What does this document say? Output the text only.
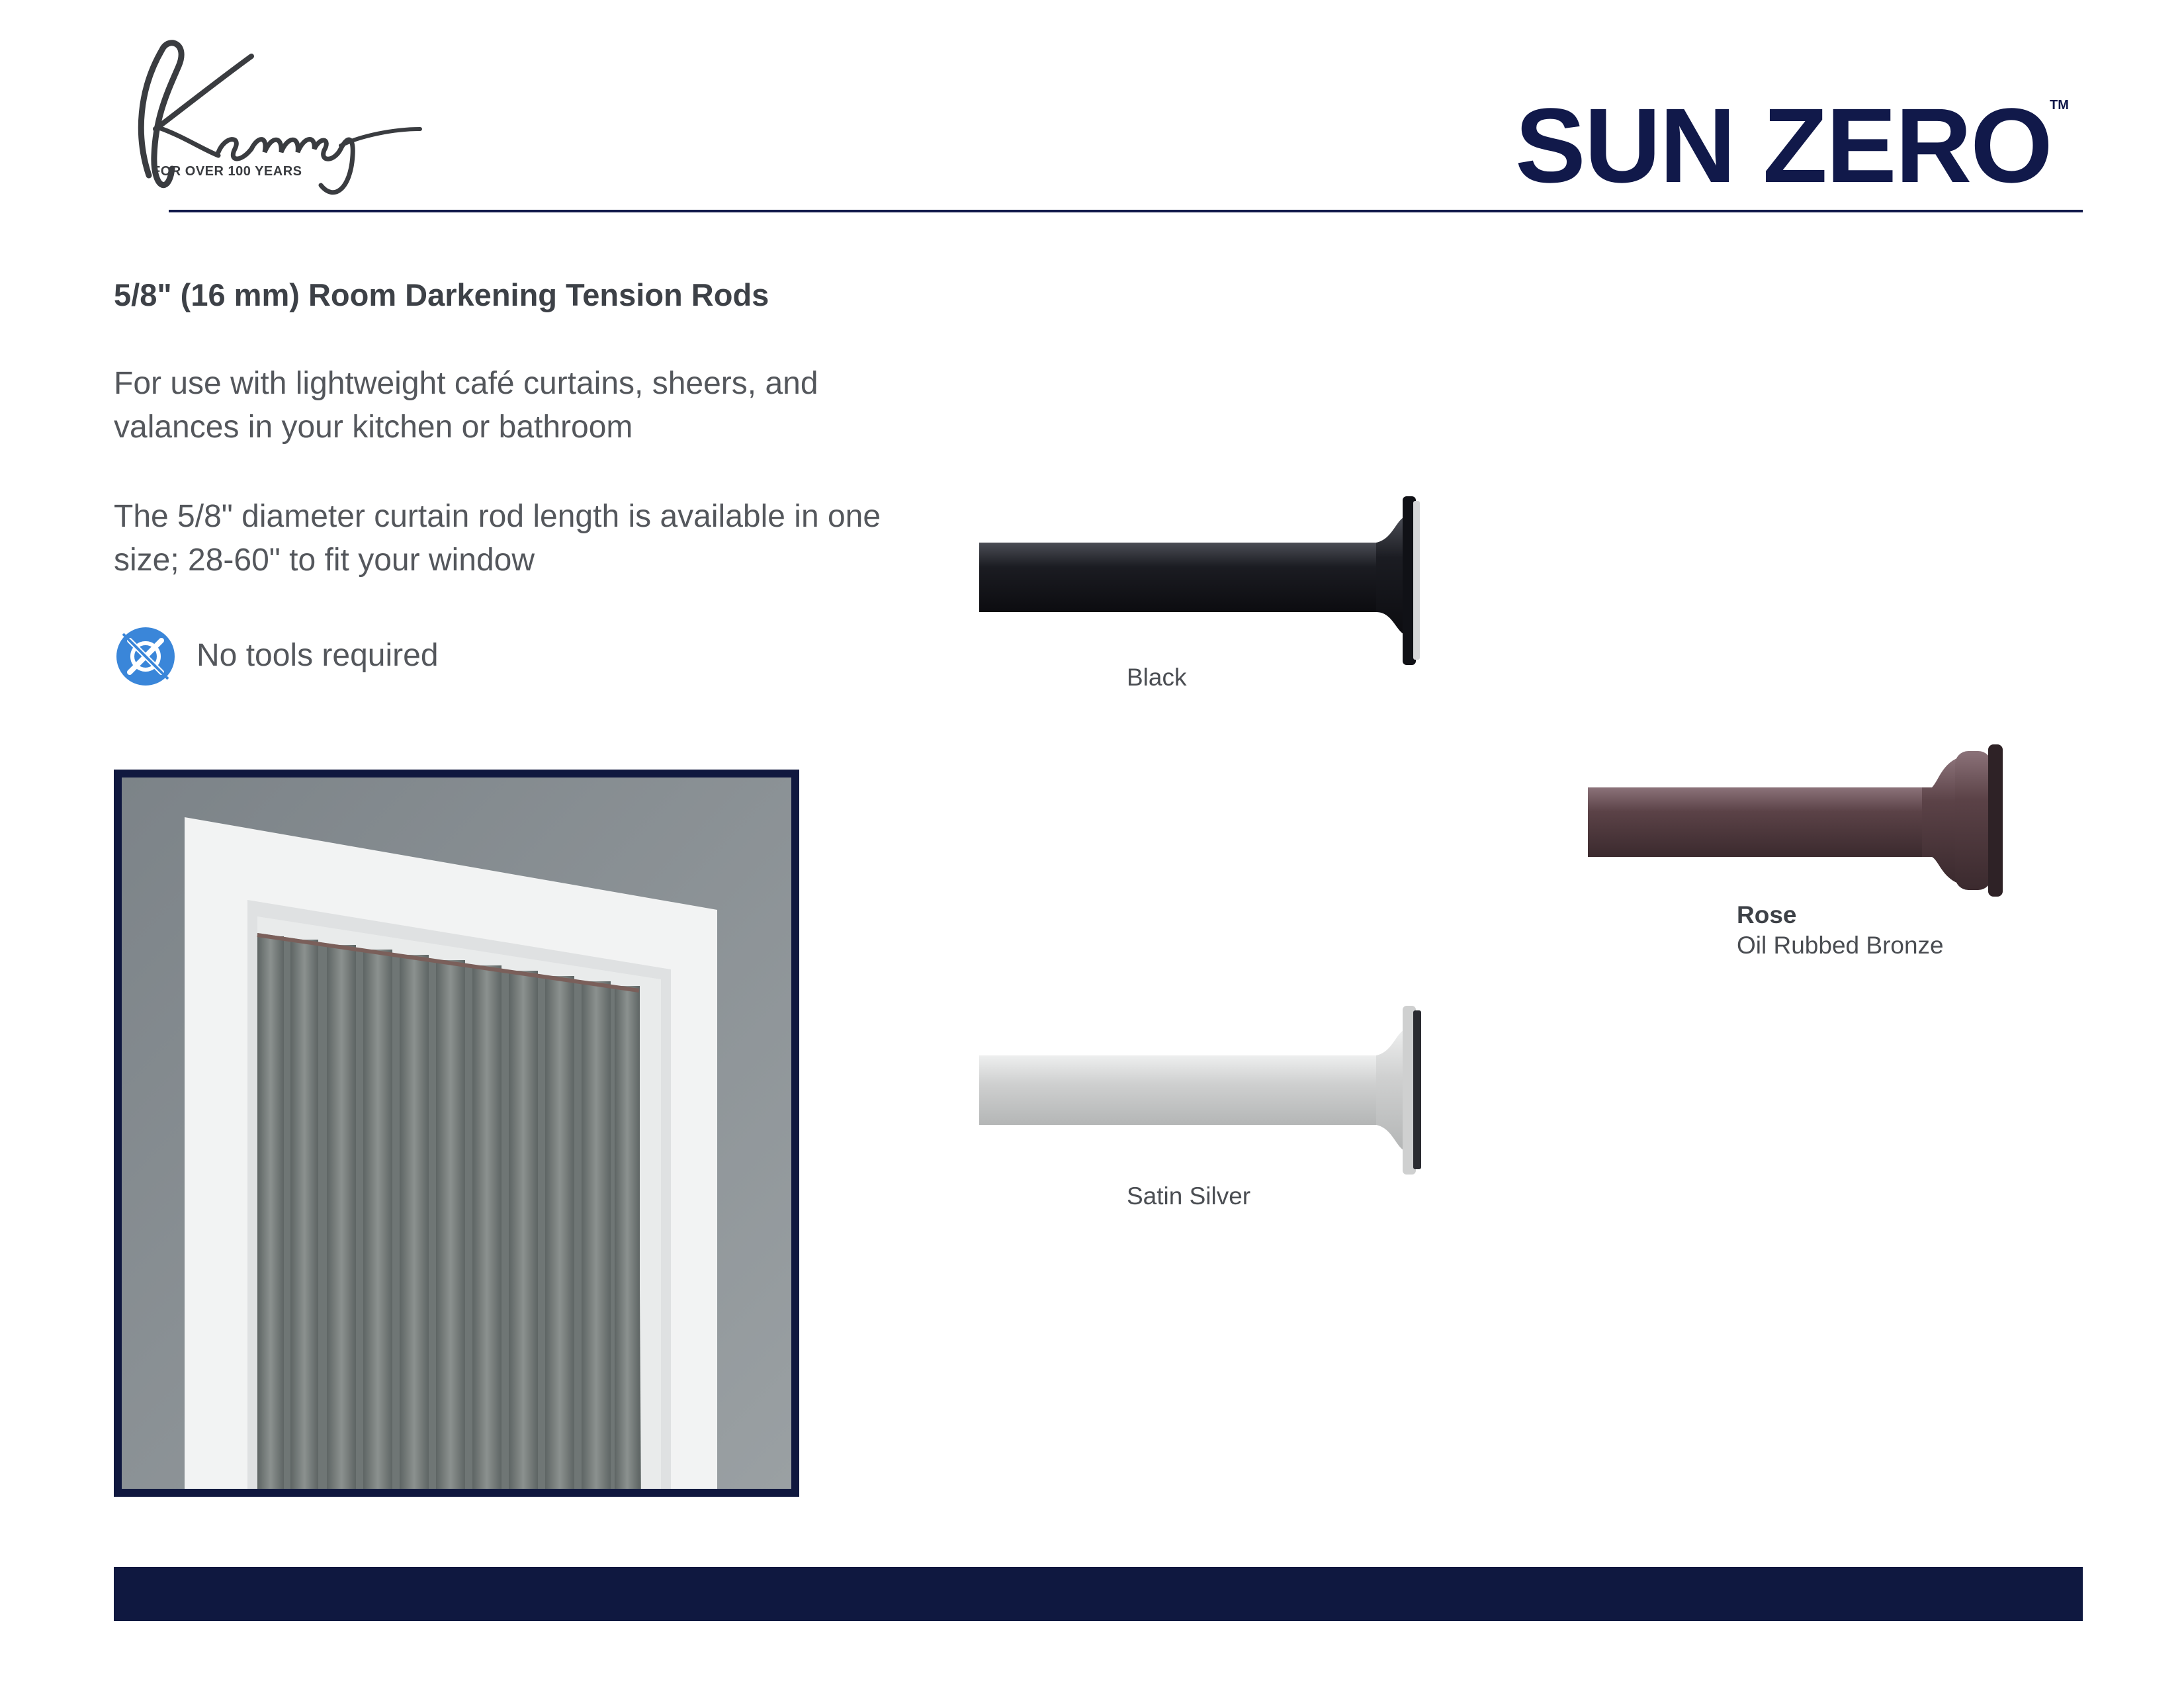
FOR OVER 100 YEARS	SUN ZERO
TM
5/8" (16 mm) Room Darkening Tension Rods
For use with lightweight café curtains, sheers, and valances in your kitchen or bathroom
The 5/8" diameter curtain rod length is available in one size; 28-60" to fit your window
No tools required
Black
Rose
Oil Rubbed Bronze
Satin Silver
